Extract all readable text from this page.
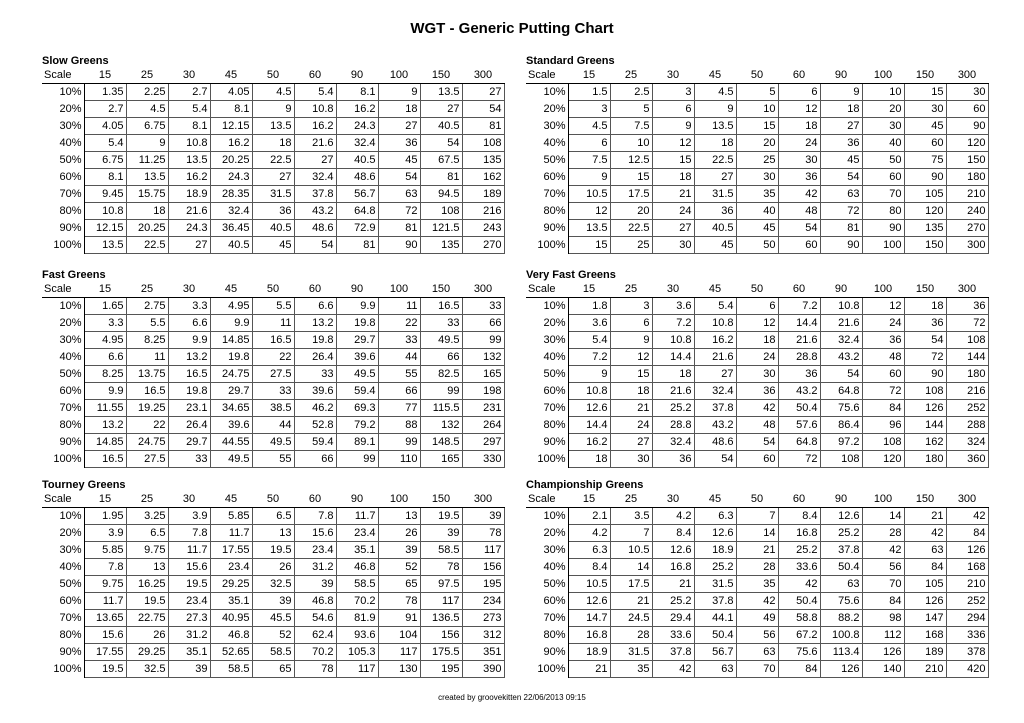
WGT - Generic Putting Chart
Slow Greens
Scale	15	25	30	45	50	60	90	100	150	300
10%	1.35	2.25	2.7	4.05	4.5	5.4	8.1	9	13.5	27
20%	2.7	4.5	5.4	8.1	9	10.8	16.2	18	27	54
30%	4.05	6.75	8.1	12.15	13.5	16.2	24.3	27	40.5	81
40%	5.4	9	10.8	16.2	18	21.6	32.4	36	54	108
50%	6.75	11.25	13.5	20.25	22.5	27	40.5	45	67.5	135
60%	8.1	13.5	16.2	24.3	27	32.4	48.6	54	81	162
70%	9.45	15.75	18.9	28.35	31.5	37.8	56.7	63	94.5	189
80%	10.8	18	21.6	32.4	36	43.2	64.8	72	108	216
90%	12.15	20.25	24.3	36.45	40.5	48.6	72.9	81	121.5	243
100%	13.5	22.5	27	40.5	45	54	81	90	135	270
Standard Greens
Scale	15	25	30	45	50	60	90	100	150	300
10%	1.5	2.5	3	4.5	5	6	9	10	15	30
20%	3	5	6	9	10	12	18	20	30	60
30%	4.5	7.5	9	13.5	15	18	27	30	45	90
40%	6	10	12	18	20	24	36	40	60	120
50%	7.5	12.5	15	22.5	25	30	45	50	75	150
60%	9	15	18	27	30	36	54	60	90	180
70%	10.5	17.5	21	31.5	35	42	63	70	105	210
80%	12	20	24	36	40	48	72	80	120	240
90%	13.5	22.5	27	40.5	45	54	81	90	135	270
100%	15	25	30	45	50	60	90	100	150	300
Fast Greens
Scale	15	25	30	45	50	60	90	100	150	300
10%	1.65	2.75	3.3	4.95	5.5	6.6	9.9	11	16.5	33
20%	3.3	5.5	6.6	9.9	11	13.2	19.8	22	33	66
30%	4.95	8.25	9.9	14.85	16.5	19.8	29.7	33	49.5	99
40%	6.6	11	13.2	19.8	22	26.4	39.6	44	66	132
50%	8.25	13.75	16.5	24.75	27.5	33	49.5	55	82.5	165
60%	9.9	16.5	19.8	29.7	33	39.6	59.4	66	99	198
70%	11.55	19.25	23.1	34.65	38.5	46.2	69.3	77	115.5	231
80%	13.2	22	26.4	39.6	44	52.8	79.2	88	132	264
90%	14.85	24.75	29.7	44.55	49.5	59.4	89.1	99	148.5	297
100%	16.5	27.5	33	49.5	55	66	99	110	165	330
Very Fast Greens
Scale	15	25	30	45	50	60	90	100	150	300
10%	1.8	3	3.6	5.4	6	7.2	10.8	12	18	36
20%	3.6	6	7.2	10.8	12	14.4	21.6	24	36	72
30%	5.4	9	10.8	16.2	18	21.6	32.4	36	54	108
40%	7.2	12	14.4	21.6	24	28.8	43.2	48	72	144
50%	9	15	18	27	30	36	54	60	90	180
60%	10.8	18	21.6	32.4	36	43.2	64.8	72	108	216
70%	12.6	21	25.2	37.8	42	50.4	75.6	84	126	252
80%	14.4	24	28.8	43.2	48	57.6	86.4	96	144	288
90%	16.2	27	32.4	48.6	54	64.8	97.2	108	162	324
100%	18	30	36	54	60	72	108	120	180	360
Tourney Greens
Scale	15	25	30	45	50	60	90	100	150	300
10%	1.95	3.25	3.9	5.85	6.5	7.8	11.7	13	19.5	39
20%	3.9	6.5	7.8	11.7	13	15.6	23.4	26	39	78
30%	5.85	9.75	11.7	17.55	19.5	23.4	35.1	39	58.5	117
40%	7.8	13	15.6	23.4	26	31.2	46.8	52	78	156
50%	9.75	16.25	19.5	29.25	32.5	39	58.5	65	97.5	195
60%	11.7	19.5	23.4	35.1	39	46.8	70.2	78	117	234
70%	13.65	22.75	27.3	40.95	45.5	54.6	81.9	91	136.5	273
80%	15.6	26	31.2	46.8	52	62.4	93.6	104	156	312
90%	17.55	29.25	35.1	52.65	58.5	70.2	105.3	117	175.5	351
100%	19.5	32.5	39	58.5	65	78	117	130	195	390
Championship Greens
Scale	15	25	30	45	50	60	90	100	150	300
10%	2.1	3.5	4.2	6.3	7	8.4	12.6	14	21	42
20%	4.2	7	8.4	12.6	14	16.8	25.2	28	42	84
30%	6.3	10.5	12.6	18.9	21	25.2	37.8	42	63	126
40%	8.4	14	16.8	25.2	28	33.6	50.4	56	84	168
50%	10.5	17.5	21	31.5	35	42	63	70	105	210
60%	12.6	21	25.2	37.8	42	50.4	75.6	84	126	252
70%	14.7	24.5	29.4	44.1	49	58.8	88.2	98	147	294
80%	16.8	28	33.6	50.4	56	67.2	100.8	112	168	336
90%	18.9	31.5	37.8	56.7	63	75.6	113.4	126	189	378
100%	21	35	42	63	70	84	126	140	210	420
created by groovekitten 22/06/2013 09:15
